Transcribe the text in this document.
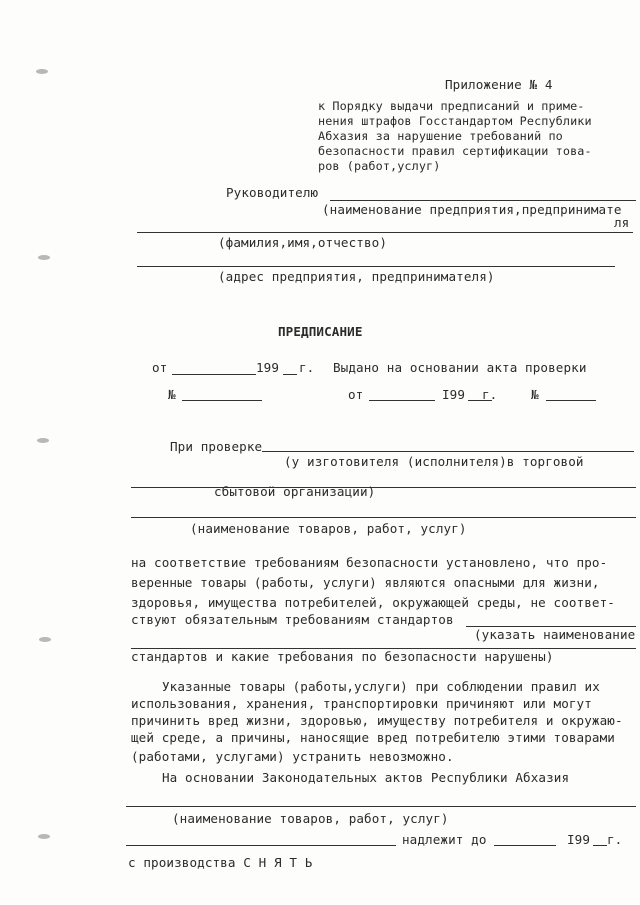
Приложение № 4
к Порядку выдачи предписаний и приме-
нения штрафов Госстандартом Республики
Абхазия за нарушение требований по
безопасности правил сертификации това-
ров (работ,услуг)
Руководителю
(наименование предприятия,предпринимате
ля
(фамилия,имя,отчество)
(адрес предприятия, предпринимателя)
ПРЕДПИСАНИЕ
от	199 г. Выдано на основании акта проверки
№	от	I99 г.	№
При проверке
(у изготовителя (исполнителя)в торговой
сбытовой организации)
(наименование товаров, работ, услуг)
на соответствие требованиям безопасности установлено, что про-
веренные товары (работы, услуги) являются опасными для жизни,
здоровья, имущества потребителей, окружающей среды, не соответ-
ствуют обязательным требованиям стандартов
(указать наименование
стандартов и какие требования по безопасности нарушены)
Указанные товары (работы,услуги) при соблюдении правил их
использования, хранения, транспортировки причиняют или могут
причинить вред жизни, здоровью, имуществу потребителя и окружаю-
щей среде, а причины, наносящие вред потребителю этими товарами
(работами, услугами) устранить невозможно.
На основании Законодательных актов Республики Абхазия
(наименование товаров, работ, услуг)
надлежит до	I99 г.
с производства С Н Я Т Ь
